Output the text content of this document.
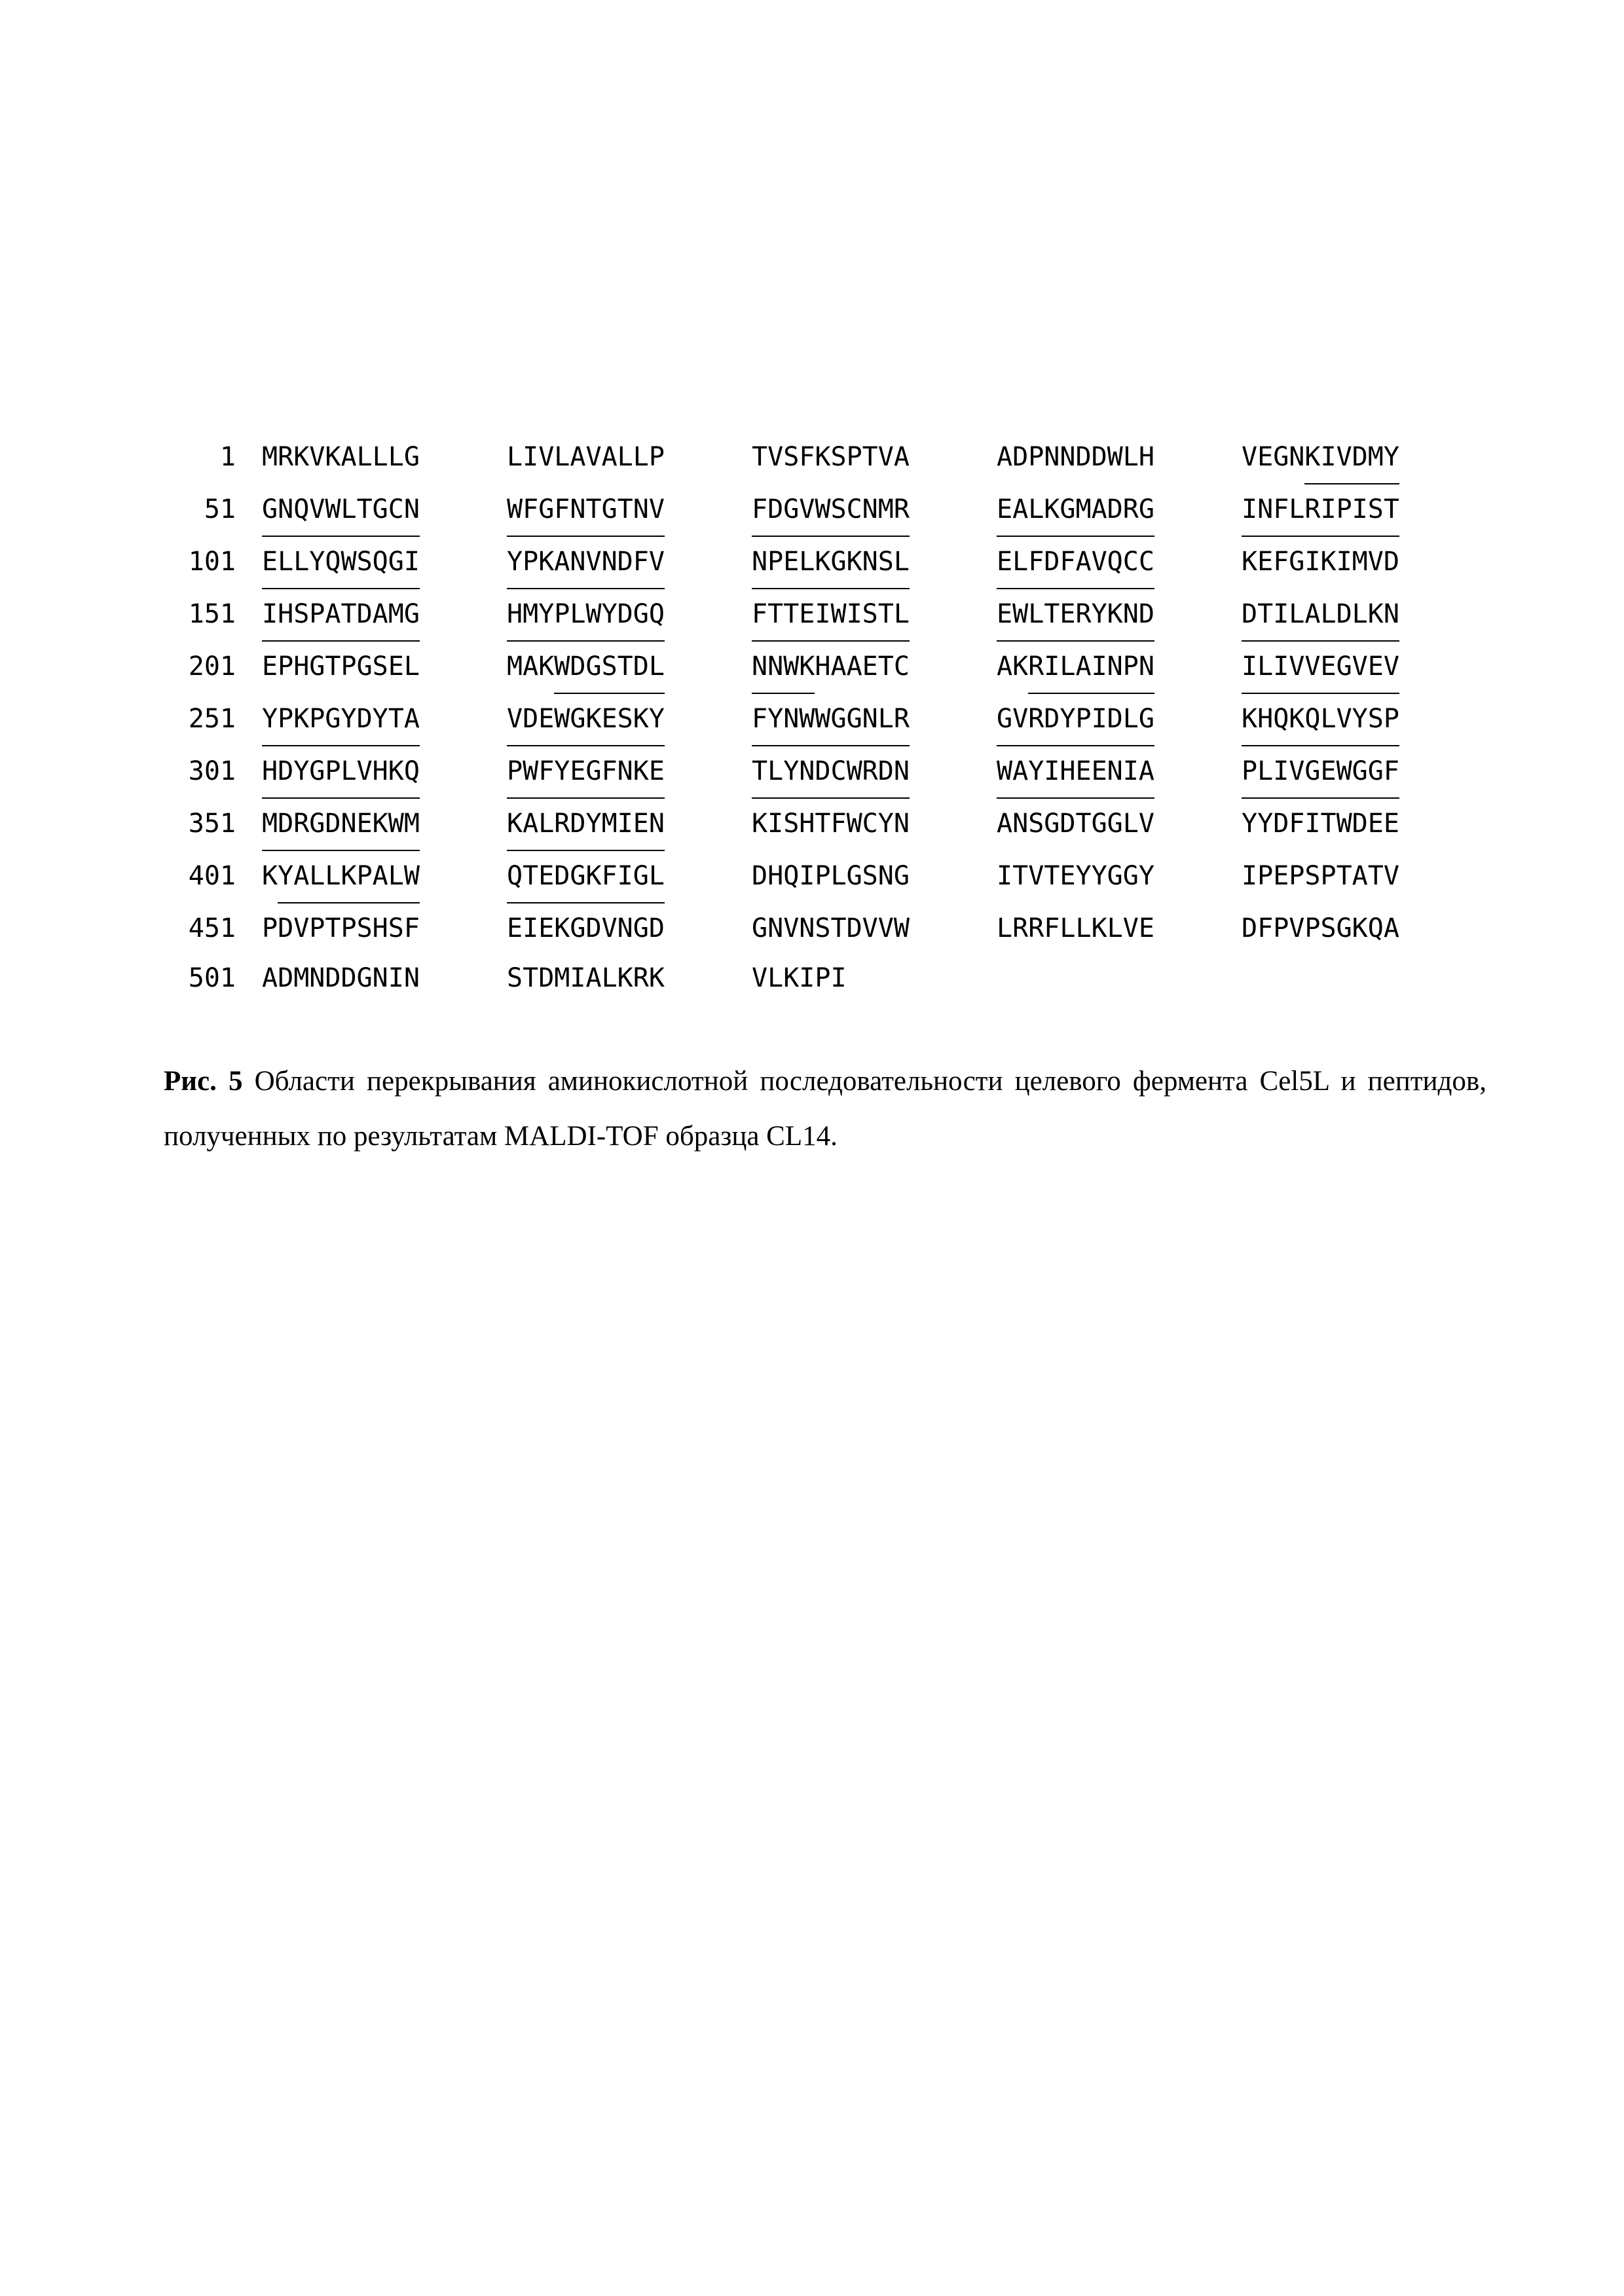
1	MRKVKALLLG	LIVLAVALLP	TVSFKSPTVA	ADPNNDDWLH	VEGNKIVDMY
51	GNQVWLTGCN	WFGFNTGTNV	FDGVWSCNMR	EALKGMADRG	INFLRIPIST
101	ELLYQWSQGI	YPKANVNDFV	NPELKGKNSL	ELFDFAVQCC	KEFGIKIMVD
151	IHSPATDAMG	HMYPLWYDGQ	FTTEIWISTL	EWLTERYKND	DTILALDLKN
201	EPHGTPGSEL	MAKWDGSTDL	NNWKHAAETC	AKRILAINPN	ILIVVEGVEV
251	YPKPGYDYTA	VDEWGKESKY	FYNWWGGNLR	GVRDYPIDLG	KHQKQLVYSP
301	HDYGPLVHKQ	PWFYEGFNKE	TLYNDCWRDN	WAYIHEENIA	PLIVGEWGGF
351	MDRGDNEKWM	KALRDYMIEN	KISHTFWCYN	ANSGDTGGLV	YYDFITWDEE
401	KYALLKPALW	QTEDGKFIGL	DHQIPLGSNG	ITVTEYYGGY	IPEPSPTATV
451	PDVPTPSHSF	EIEKGDVNGD	GNVNSTDVVW	LRRFLLKLVE	DFPVPSGKQA
501	ADMNDDGNIN	STDMIALKRK	VLKIPI
Рис. 5 Области перекрывания аминокислотной последовательности целевого фермента Cel5L и пептидов, полученных по результатам MALDI-TOF образца CL14.
